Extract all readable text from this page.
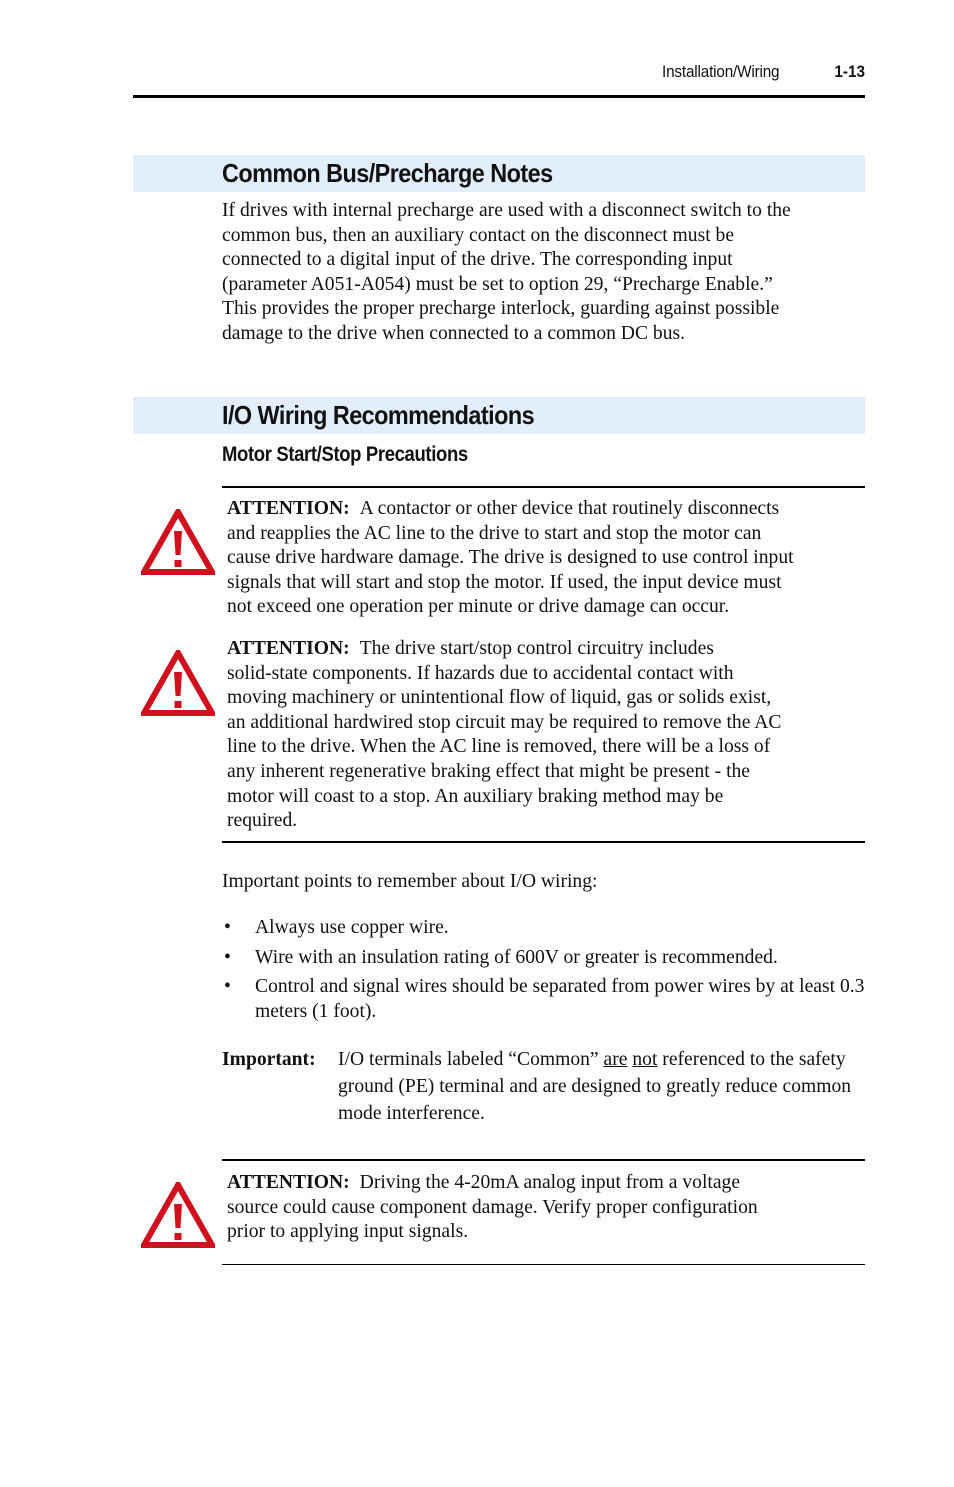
Installation/Wiring	1-13
Common Bus/Precharge Notes

If drives with internal precharge are used with a disconnect switch to the
common bus, then an auxiliary contact on the disconnect must be
connected to a digital input of the drive. The corresponding input
(parameter A051-A054) must be set to option 29, “Precharge Enable.”
This provides the proper precharge interlock, guarding against possible
damage to the drive when connected to a common DC bus.

I/O Wiring Recommendations
Motor Start/Stop Precautions

ATTENTION: A contactor or other device that routinely disconnects
and reapplies the AC line to the drive to start and stop the motor can
cause drive hardware damage. The drive is designed to use control input
signals that will start and stop the motor. If used, the input device must
not exceed one operation per minute or drive damage can occur.

ATTENTION: The drive start/stop control circuitry includes
solid-state components. If hazards due to accidental contact with
moving machinery or unintentional flow of liquid, gas or solids exist,
an additional hardwired stop circuit may be required to remove the AC
line to the drive. When the AC line is removed, there will be a loss of
any inherent regenerative braking effect that might be present - the
motor will coast to a stop. An auxiliary braking method may be
required.

Important points to remember about I/O wiring:

• Always use copper wire.
• Wire with an insulation rating of 600V or greater is recommended.
• Control and signal wires should be separated from power wires by at least 0.3 meters (1 foot).
Important: I/O terminals labeled “Common” are not referenced to the safety ground (PE) terminal and are designed to greatly reduce common mode interference.

ATTENTION: Driving the 4-20mA analog input from a voltage
source could cause component damage. Verify proper configuration
prior to applying input signals.
